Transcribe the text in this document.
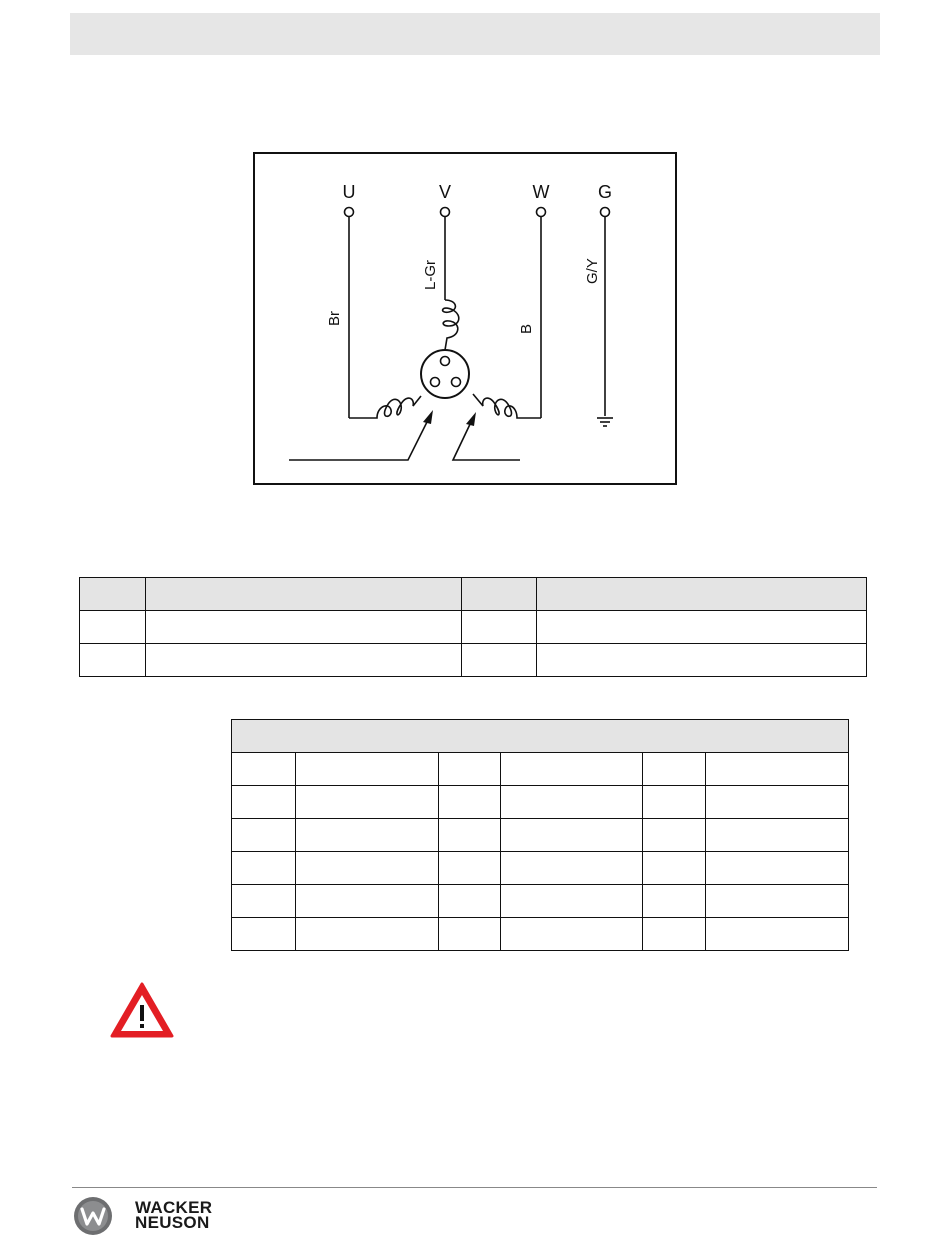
U	V	W	G
Br
L-Gr
B
G/Y

WACKER
NEUSON
